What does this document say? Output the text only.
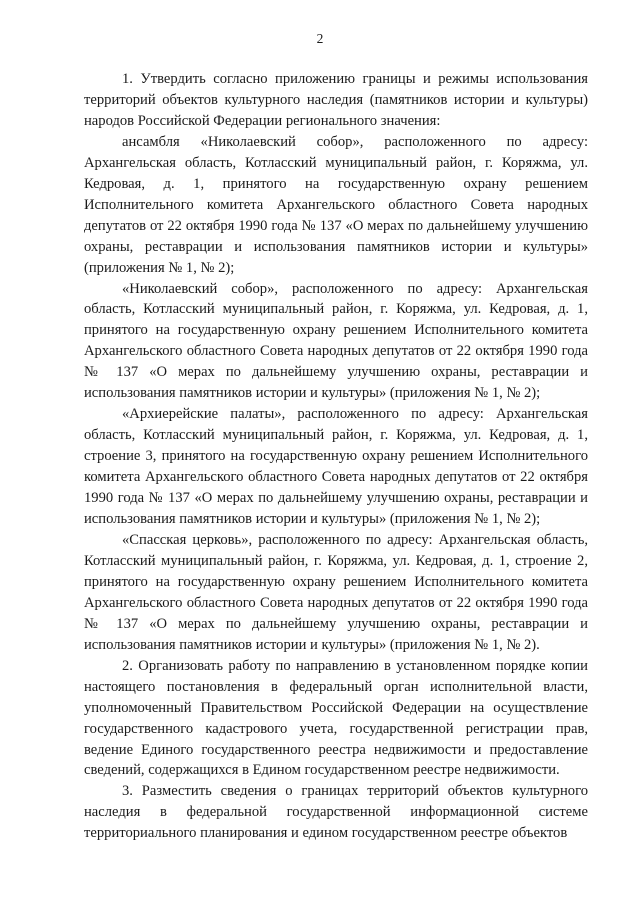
2

1. Утвердить согласно приложению границы и режимы использования территорий объектов культурного наследия (памятников истории и культуры) народов Российской Федерации регионального значения:

ансамбля «Николаевский собор», расположенного по адресу: Архангельская область, Котласский муниципальный район, г. Коряжма, ул. Кедровая, д. 1, принятого на государственную охрану решением Исполнительного комитета Архангельского областного Совета народных депутатов от 22 октября 1990 года № 137 «О мерах по дальнейшему улучшению охраны, реставрации и использования памятников истории и культуры» (приложения № 1, № 2);

«Николаевский собор», расположенного по адресу: Архангельская область, Котласский муниципальный район, г. Коряжма, ул. Кедровая, д. 1, принятого на государственную охрану решением Исполнительного комитета Архангельского областного Совета народных депутатов от 22 октября 1990 года № 137 «О мерах по дальнейшему улучшению охраны, реставрации и использования памятников истории и культуры» (приложения № 1, № 2);

«Архиерейские палаты», расположенного по адресу: Архангельская область, Котласский муниципальный район, г. Коряжма, ул. Кедровая, д. 1, строение 3, принятого на государственную охрану решением Исполнительного комитета Архангельского областного Совета народных депутатов от 22 октября 1990 года № 137 «О мерах по дальнейшему улучшению охраны, реставрации и использования памятников истории и культуры» (приложения № 1, № 2);

«Спасская церковь», расположенного по адресу: Архангельская область, Котласский муниципальный район, г. Коряжма, ул. Кедровая, д. 1, строение 2, принятого на государственную охрану решением Исполнительного комитета Архангельского областного Совета народных депутатов от 22 октября 1990 года № 137 «О мерах по дальнейшему улучшению охраны, реставрации и использования памятников истории и культуры» (приложения № 1, № 2).

2. Организовать работу по направлению в установленном порядке копии настоящего постановления в федеральный орган исполнительной власти, уполномоченный Правительством Российской Федерации на осуществление государственного кадастрового учета, государственной регистрации прав, ведение Единого государственного реестра недвижимости и предоставление сведений, содержащихся в Едином государственном реестре недвижимости.

3. Разместить сведения о границах территорий объектов культурного наследия в федеральной государственной информационной системе территориального планирования и едином государственном реестре объектов
